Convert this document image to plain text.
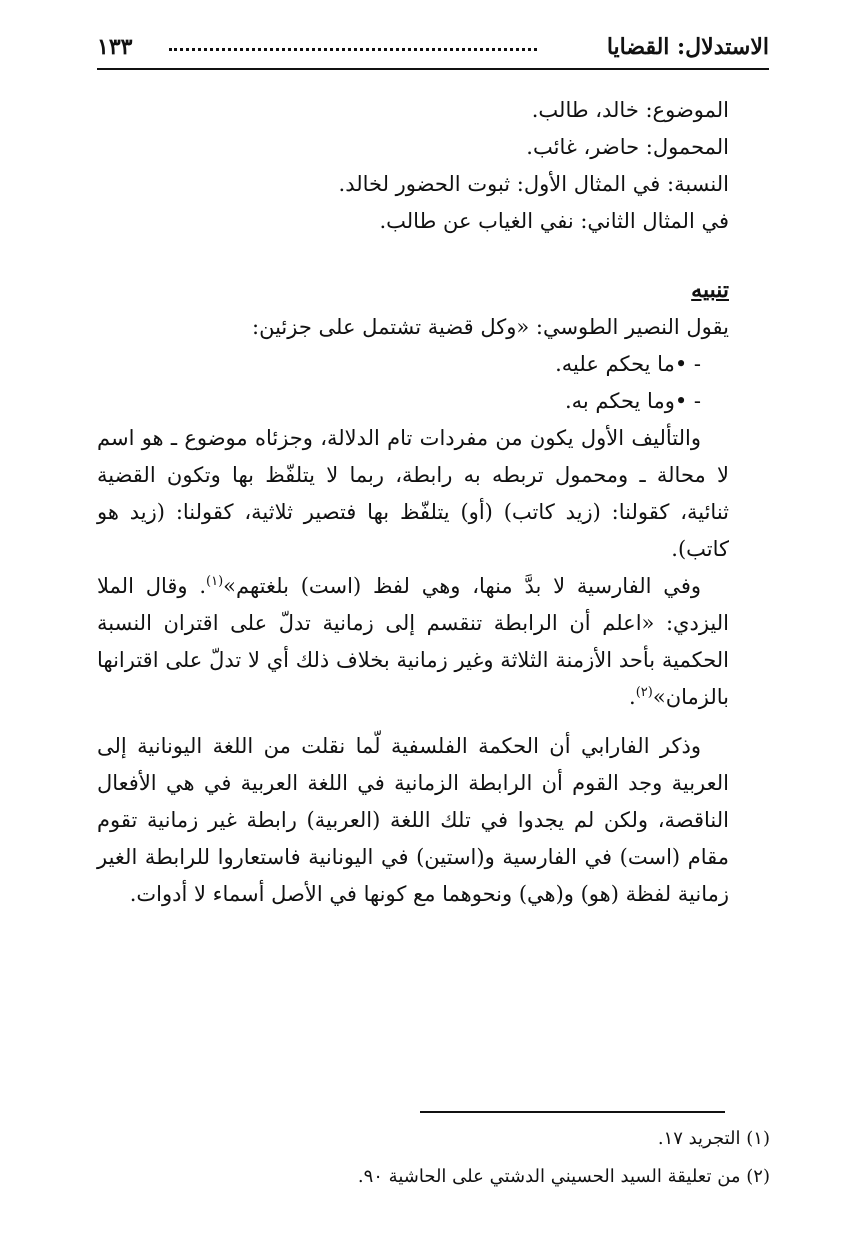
الاستدلال: القضايا
١٣٣

الموضوع: خالد، طالب.

المحمول: حاضر، غائب.

النسبة: في المثال الأول: ثبوت الحضور لخالد.

في المثال الثاني: نفي الغياب عن طالب.

تنبيه

يقول النصير الطوسي: «وكل قضية تشتمل على جزئين:

- •ما يحكم عليه.
- •وما يحكم به.

والتأليف الأول يكون من مفردات تام الدلالة، وجزئاه موضوع ـ هو اسم لا محالة ـ ومحمول تربطه به رابطة، ربما لا يتلفّظ بها وتكون القضية ثنائية، كقولنا: (زيد كاتب) (أو) يتلفّظ بها فتصير ثلاثية، كقولنا: (زيد هو كاتب).

وفي الفارسية لا بدَّ منها، وهي لفظ (است) بلغتهم»$^{(١)}$. وقال الملا اليزدي: «اعلم أن الرابطة تنقسم إلى زمانية تدلّ على اقتران النسبة الحكمية بأحد الأزمنة الثلاثة وغير زمانية بخلاف ذلك أي لا تدلّ على اقترانها بالزمان»$^{(٢)}$.

وذكر الفارابي أن الحكمة الفلسفية لّما نقلت من اللغة اليونانية إلى العربية وجد القوم أن الرابطة الزمانية في اللغة العربية في هي الأفعال الناقصة، ولكن لم يجدوا في تلك اللغة (العربية) رابطة غير زمانية تقوم مقام (است) في الفارسية و(استين) في اليونانية فاستعاروا للرابطة الغير زمانية لفظة (هو) و(هي) ونحوهما مع كونها في الأصل أسماء لا أدوات.

(١) التجريد ١٧.

(٢) من تعليقة السيد الحسيني الدشتي على الحاشية ٩٠.
